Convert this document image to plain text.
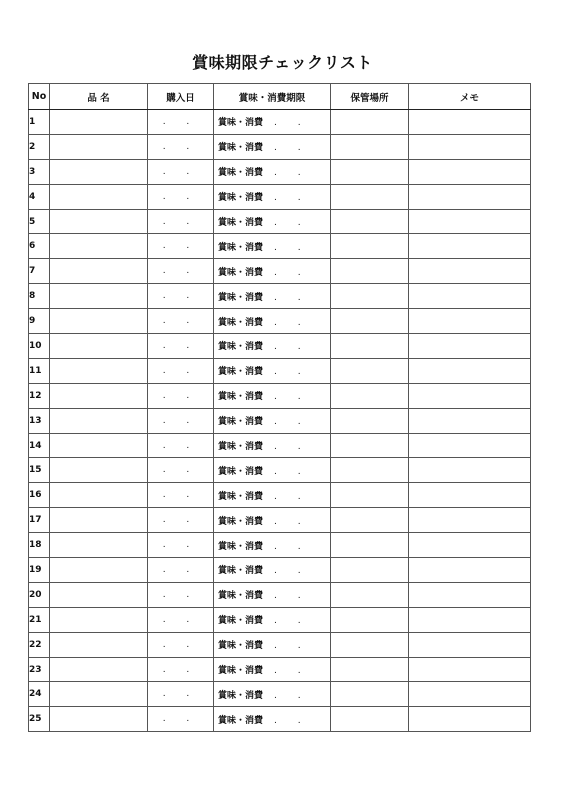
賞味期限チェックリスト
No	品 名	購入日	賞味・消費期限	保管場所	メモ
1		. .	賞味・消費 . .		
2		. .	賞味・消費 . .		
3		. .	賞味・消費 . .		
4		. .	賞味・消費 . .		
5		. .	賞味・消費 . .		
6		. .	賞味・消費 . .		
7		. .	賞味・消費 . .		
8		. .	賞味・消費 . .		
9		. .	賞味・消費 . .		
10		. .	賞味・消費 . .		
11		. .	賞味・消費 . .		
12		. .	賞味・消費 . .		
13		. .	賞味・消費 . .		
14		. .	賞味・消費 . .		
15		. .	賞味・消費 . .		
16		. .	賞味・消費 . .		
17		. .	賞味・消費 . .		
18		. .	賞味・消費 . .		
19		. .	賞味・消費 . .		
20		. .	賞味・消費 . .		
21		. .	賞味・消費 . .		
22		. .	賞味・消費 . .		
23		. .	賞味・消費 . .		
24		. .	賞味・消費 . .		
25		. .	賞味・消費 . .		
